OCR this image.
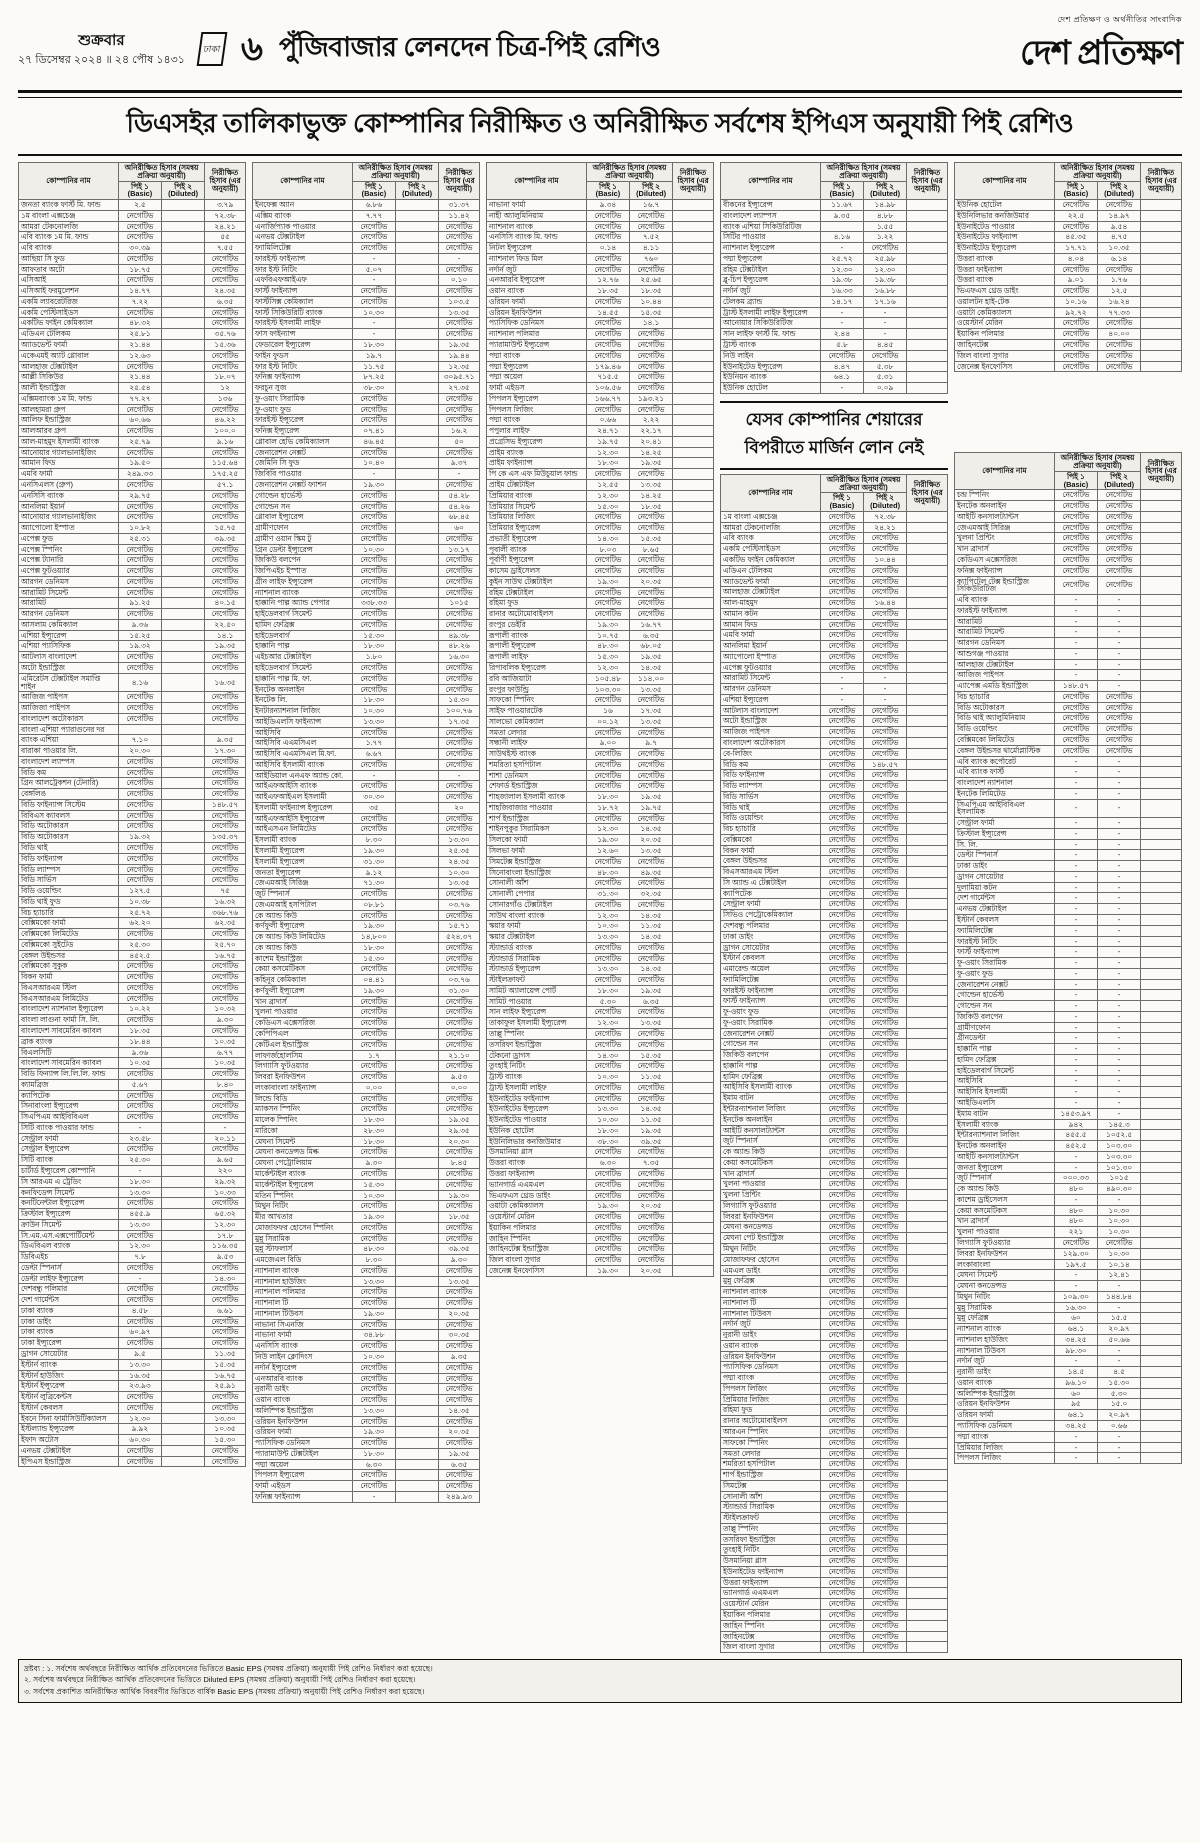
শুক্রবার
২৭ ডিসেম্বর ২০২৪ ॥ ২৪ পৌষ ১৪৩১
ঢাকা ৬ পুঁজিবাজার লেনদেন চিত্র-পিই রেশিও
দেশ প্রতিক্ষণ ও অর্থনীতির সাংবাদিক
দেশ প্রতিক্ষণ
ডিএসইর তালিকাভুক্ত কোম্পানির নিরীক্ষিত ও অনিরীক্ষিত সর্বশেষ ইপিএস অনুযায়ী পিই রেশিও
কোম্পানির নাম	অনিরীক্ষিত হিসাব (সমন্বয় প্রক্রিয়া অনুযায়ী)		নিরীক্ষিত হিসাব (এর অনুযায়ী)
	পিই ১ (Basic)	পিই ২ (Diluted)	
জনতা ব্যাংক ফার্স্ট মি. ফান্ড	২.৫		৩.৭৯
১ম বাংলা এক্সচেঞ্জ	নেগেটিভ		৭২.৩৮
আমরা টেকনোলজি	নেগেটিভ		২৪.২১
এবি ব্যাংক ১ম মি. ফান্ড	নেগেটিভ		৫৫
এবি ব্যাংক	৩০.৩৯		৭.৫৫
আছিয়া সি ফুড	নেগেটিভ		নেগেটিভ
আফতাব অটো	১৮.৭৫		নেগেটিভ
এসিআই	নেগেটিভ		নেগেটিভ
এসিআই ফরমুলেশন	১৪.৭৭		২৪.৩৫
একমি ল্যাবরেটরিজ	৭.২২		৬.৩৫
একমি পেস্টিসাইডস	নেগেটিভ		নেগেটিভ
একটিভ ফাইন কেমিক্যাল	৪৮.৩২		নেগেটিভ
এডিএন টেলিকম	২৫.৮১		৩৫.৭৬
অ্যাডভেন্ট ফার্মা	২১.৪৪		১৫.৩৬
একেএমই অ্যাট গ্লোবাল	১২.৬৩		নেগেটিভ
আলহাজ টেক্সটাইল	নেগেটিভ		নেগেটিভ
আল্লী সিকিউর	২১.৪৪		১৮.০৭
আলী ইন্ডাস্ট্রিজ	২৫.৫৪		১২
এক্সিমব্যাংক ১ম মি. ফান্ড	৭৭.২৭		১৩৬
আলহামরা গ্রুপ	নেগেটিভ		নেগেটিভ
আলিফ ইন্ডাস্ট্রিজ	৬০.৬৬		৪৬.২২
আলআরব গ্রুপ	নেগেটিভ		১০০.০
আল-মাহমুদ ইসলামী ব্যাংক	২৫.৭৯		৯.১৬
আনোয়ার গ্যালভানাইজিং	নেগেটিভ		নেগেটিভ
আমান ফিড	১৯.৫০		১১৫.৬৪
এমবি ফার্মা	২৪৯.৩৩		১৭৫.২৫
এনসিএলস (গ্রুপ)	নেগেটিভ		৫৭.১
এনসিসি ব্যাংক	২৯.৭৫		নেগেটিভ
আনলিমা ইয়ার্ন	নেগেটিভ		নেগেটিভ
আনোয়ার গ্যালভানাইজিং	নেগেটিভ		নেগেটিভ
অ্যাপোলো ইস্পাত	১০.৮২		১৫.৭৫
এপেক্স ফুড	২৫.৩১		৩৯.৩৫
এপেক্স স্পিনিং	নেগেটিভ		নেগেটিভ
এপেক্স ট্যানারি	নেগেটিভ		নেগেটিভ
এপেক্স ফুটওয়্যার	নেগেটিভ		নেগেটিভ
আরগন ডেনিমস	নেগেটিভ		নেগেটিভ
আরামিট সিমেন্ট	নেগেটিভ		নেগেটিভ
আরামিট	৯১.২৫		৪০.১৫
আরগন ডেনিমস	নেগেটিভ		নেগেটিভ
আসলাম কেমিক্যাল	৯.৩৬		২২.৫০
এশিয়া ইন্স্যুরেন্স	১৫.২৫		১৪.১
এশিয়া প্যাসিফিক	১৯.৩২		১৯.৩৫
আটলাস বাংলাদেশ	নেগেটিভ		নেগেটিভ
অটো ইন্ডাস্ট্রিজ	নেগেটিভ		নেগেটিভ
এমিরেটস টেক্সটাইল সমাপ্তি শাইন	৪.১৬		১৬.৩৫
আজিজ পাইপস	নেগেটিভ		নেগেটিভ
আজিজা পাইপস	নেগেটিভ		নেগেটিভ
বাংলাদেশ অটোকারস	নেগেটিভ		নেগেটিভ
বাংলা এশিয়া প্যারাগুনের দর			
ব্যাংক এশিয়া	৭.১০		৯.৩৫
বারাকা পাওয়ার লি.	২০.৩০		১৭.৩০
বাংলাদেশ ল্যাম্পস	নেগেটিভ		নেগেটিভ
বিডি কম	নেগেটিভ		নেগেটিভ
গ্রিন আলট্রেকশন (টেনারি)	নেগেটিভ		নেগেটিভ
বেঙ্গলিঙ	নেগেটিভ		নেগেটিভ
বিডি ফাইন্যান্স সিস্টেম	নেগেটিভ		১৪৮.৫৭
বিবিএস ক্যাবলস	নেগেটিভ		নেগেটিভ
বিডি অটোকারস	নেগেটিভ		নেগেটিভ
বিডি অটোকারস	১৯.৩২		১৩৫.৩৭
বিডি থাই	নেগেটিভ		নেগেটিভ
বিডি ফাইন্যান্স	নেগেটিভ		নেগেটিভ
বিডি ল্যাম্পস	নেগেটিভ		নেগেটিভ
বিডি সার্ভিস	নেগেটিভ		নেগেটিভ
বিডি ওয়েল্ডিং	১২৭.৫		৭৫
বিডি থাই ফুড	১০.৩৮		১৬.৩২
বিচ হ্যাচারি	২৫.৭২		৩৬৮.৭৬
বেক্সিমকো ফার্মা	৬২.২০		৬২.৩৫
বেক্সিমকো লিমিটেড	নেগেটিভ		নেগেটিভ
বেক্সিমকো সুইটেড	২৫.৩০		২৫.৭০
বেঙ্গল উইন্ডসর	৪৫২.৫		১৬.৭৫
বেক্সিমকো সুকুক	নেগেটিভ		নেগেটিভ
বিকন ফার্মা	নেগেটিভ		নেগেটিভ
বিএসআরএম স্টিল	নেগেটিভ		নেগেটিভ
বিএসআরএম লিমিটেড	নেগেটিভ		নেগেটিভ
বাংলাদেশ ন্যাশনাল ইন্স্যুরেন্স	১০.২২		১০.৩২
বাংলা লাগুনা ফার্মা সি. লি.	নেগেটিভ		৯.৩০
বাংলাদেশ সাবমেরিন ক্যাবল	১৮.৩৫		নেগেটিভ
ব্রাক ব্যাংক	১৮.৪৪		১০.৩৫
বিএলসিটি	৯.৩৬		৬.৭৭
বাংলাদেশ সাবমেরিন ক্যাবল	১০.৩৫		১০.৩৫
বিডি ফিন্যান্স লি.লি.লি. ফান্ড	নেগেটিভ		নেগেটিভ
ক্যামব্রিজ	৫.৬৭		৮.৪০
ক্যাপিটেক	নেগেটিভ		নেগেটিভ
সিনাবাংলা ইন্স্যুরেন্স	নেগেটিভ		নেগেটিভ
সিএপিএম আইবিবিএল	নেগেটিভ		নেগেটিভ
সিটি ব্যাংক পাওয়ার ফান্ড	-		-
সেন্ট্রাল ফার্মা	২৩.৫৮		২০.১১
সেন্ট্রাল ইন্স্যুরেন্স	নেগেটিভ		নেগেটিভ
সিটি ব্যাংক	২৫.৩০		৯.৬৫
চার্টার্ড ইন্স্যুরেন্স কোম্পানি	-		২২০
সি আরএম এ ট্রেডিং	১৮.৩০		২৯.৩২
কনফিডেন্স সিমেন্ট	১৩.৩০		১০.৩৩
কনটিনেন্টাল ইন্স্যুরেন্স	নেগেটিভ		নেগেটিভ
ক্রিস্টাল ইন্স্যুরেন্স	৪৫৫.৯		৬৫.৩২
ক্রাউন সিমেন্ট	১৩.৩০		১২.৩০
সি.এম.এস.এক্সপোর্টিমেন্ট	নেগেটিভ		১৭.৮
ডিএবিএল ব্যাংক	১২.৩০		১১৬.৩৫
ডিবিএইচ	৭.৮		৯.৫৩
ডেল্টা স্পিনার্স	নেগেটিভ		নেগেটিভ
ডেল্টা লাইফ ইন্স্যুরেন্স	-		১৪.৩০
দেশবন্ধু পলিমার	নেগেটিভ		নেগেটিভ
দেশ গার্মেন্টস	নেগেটিভ		নেগেটিভ
ঢাকা ব্যাংক	৪.৫৮		৬.৬১
ঢাকা ডাইং	নেগেটিভ		নেগেটিভ
ঢাকা ব্যাংক	৬০.৯৭		নেগেটিভ
ঢাকা ইন্স্যুরেন্স	নেগেটিভ		নেগেটিভ
ড্রাগন সোয়েটার	৯.৫		১১.৩৫
ইস্টার্ন ব্যাংক	১৩.৩০		১৫.৩৫
ইস্টার্ন হাউজিং	১৬.৩৫		১৬.৭৫
ইস্টার্ন ইন্স্যুরেন্স	২৩.৯৩		২৫.৯১
ইস্টার্ন লুব্রিকেন্টস	নেগেটিভ		নেগেটিভ
ইস্টার্ন কেবলস	নেগেটিভ		নেগেটিভ
ইবনে সিনা ফার্মাসিউটিক্যালস	১২.৩০		১৩.৩০
ইস্টল্যান্ড ইন্স্যুরেন্স	৯.৯২		১০.৩৫
ইফাদ অটোস	৬০.৩০		১৫.৩০
এনভয় টেক্সটাইল	নেগেটিভ		নেগেটিভ
ইপিএস ইন্ডাস্ট্রিজ	নেগেটিভ		নেগেটিভ
কোম্পানির নাম	অনিরীক্ষিত হিসাব (সমন্বয় প্রক্রিয়া অনুযায়ী)		নিরীক্ষিত হিসাব (এর অনুযায়ী)
	পিই ১ (Basic)	পিই ২ (Diluted)	
ইনফেক্স অ্যান	৬.৮৬		৩১.৩৭
এক্সিম ব্যাংক	৭.৭৭		১১.৪২
এনার্জিপ্যাক পাওয়ার	নেগেটিভ		নেগেটিভ
এনভয় টেক্সটাইল	নেগেটিভ		নেগেটিভ
ফ্যামিলিটেক্স	নেগেটিভ		নেগেটিভ
ফারইস্ট ফাইন্যান্স	-		-
ফার ইস্ট নিটিং	৫.০৭		নেগেটিভ
এফবিএফআইএফ	-		০.১০
ফার্স্ট ফাইন্যান্স	নেগেটিভ		নেগেটিভ
ফার্স্টসিক্স কেমিক্যাল	নেগেটিভ		১০৩.৫
ফার্স্ট সিকিউরিটি ব্যাংক	১০.৩০		১৩.৩৫
ফারইস্ট ইসলামী লাইফ	-		নেগেটিভ
ফাস ফাইন্যান্স	-		নেগেটিভ
ফেডারেল ইন্স্যুরেন্স	১৮.৩০		১৯.৩৫
ফাইন ফুডস	১৯.৭		১৯.৪৪
ফার ইস্ট নিটিং	১১.৭৫		১২.৩৫
ফনিক্স ফাইন্যান্স	৮৭.২৫		৩০৯৫.৭১
ফরচুন সুজ	৩৮.৩০		২৭.৩৫
ফু-ওয়াং সিরামিক	নেগেটিভ		নেগেটিভ
ফু-ওয়াং ফুড	নেগেটিভ		নেগেটিভ
ফারইস্ট ইন্স্যুরেন্স	নেগেটিভ		নেগেটিভ
ফনিক্স ইন্স্যুরেন্স	০৭.৪১		১৬.২
গ্লোবাল হেভি কেমিক্যালস	৪৬.৪৫		৫০
জেনারেশন নেক্সট	নেগেটিভ		নেগেটিভ
জেমিনি সি ফুড	১০.৪০		৯.৩৭
জিবিবি পাওয়ার	-		-
জেনারেশন নেক্সট ফ্যাশন	১৯.৩০		নেগেটিভ
গোল্ডেন হার্ভেস্ট	নেগেটিভ		৫৪.২৮
গোল্ডেন সন	নেগেটিভ		৫৪.২৬
গ্লোবাল ইন্স্যুরেন্স	নেগেটিভ		৬৮.৪৫
গ্রামীণফোন	নেগেটিভ		৬০
গ্রামীণ ওয়ান স্কিম টু	নেগেটিভ		নেগেটিভ
গ্রিন ডেল্টা ইন্স্যুরেন্স	১০.৩০		১৩.১৭
জিকিউ বলপেন	নেগেটিভ		নেগেটিভ
জিপিএইচ ইস্পাত	নেগেটিভ		নেগেটিভ
গ্রীন লাইফ ইন্স্যুরেন্স	নেগেটিভ		নেগেটিভ
ন্যাশনাল ব্যাংক	নেগেটিভ		নেগেটিভ
হাক্কানি পাল্প অ্যান্ড পেপার	৩৩৮.৩৩		১০১৫
হাইডেলবার্গ সিমেন্ট	নেগেটিভ		নেগেটিভ
হামিদ ফেব্রিক্স	নেগেটিভ		নেগেটিভ
হাইডেলবার্গ	১৫.৩০		৪৯.৩৮
হাক্কানি পাল্প	১৮.৩০		৪৮.২৬
এইচআর টেক্সটাইল	১.৮০		১৬.৩০
হাইডেলবার্গ সিমেন্ট	নেগেটিভ		নেগেটিভ
হাক্কানি পাল্প মি. ফা.	নেগেটিভ		নেগেটিভ
ইনটেক অনলাইন	নেগেটিভ		নেগেটিভ
ইনটেক লি.	১৮.৩০		১৫.৩০
ইনটারন্যাশনাল লিজিং	১০.৩০		১০০.৭৬
আইডিএলসি ফাইন্যান্স	১৩.৩০		১৭.৩৫
আইসিবি	নেগেটিভ		নেগেটিভ
আইসিবি এএমসিএল	১.৭৭		নেগেটিভ
আইসিবি এএমসিএল মি.ফা.	৬.৬৭		নেগেটিভ
আইসিবি ইসলামী ব্যাংক	নেগেটিভ		নেগেটিভ
আইডিয়াল এনএফ অ্যান্ড কো.	-		-
আইএফআইসি ব্যাংক	নেগেটিভ		নেগেটিভ
আইএফআইএল ইসলামী	৩০.৩০		নেগেটিভ
ইসলামী ফাইন্যান্স ইন্স্যুরেন্স	৩৫		২০
আইএফআইসি ইন্স্যুরেন্স	নেগেটিভ		নেগেটিভ
আইএসএন লিমিটেড	নেগেটিভ		নেগেটিভ
ইসলামী ব্যাংক	৮.৩০		১৩.৩০
ইসলামী ইন্স্যুরেন্স	১৯.৩০		২৫.৩৫
ইসলামী ইন্স্যুরেন্স	৩১.৩০		২৪.৩৫
জনতা ইন্স্যুরেন্স	৯.১২		১০.৩০
জেএমআই সিরিঞ্জ	৭১.৩০		১৩.৩৫
জুট স্পিনার্স	নেগেটিভ		নেগেটিভ
জেএমআই হসপিটাল	০৮.৮১		০৩.৭৬
কে অ্যান্ড কিউ	নেগেটিভ		নেগেটিভ
কর্ণফুলী ইন্স্যুরেন্স	১৯.৩০		১৫.৭১
কে অ্যান্ড কিউ লিমিটেড	১৪,৮০০		৫২৪.৩৭
কে অ্যান্ড কিউ	১৮.৩০		নেগেটিভ
কাশেম ইন্ডাস্ট্রিজ	১৫.৩০		নেগেটিভ
কেয়া কসমেটিকস	নেগেটিভ		নেগেটিভ
কহিনূর কেমিক্যাল	০৪.৪১		০৩.৭৬
কর্ণফুলী ইন্স্যুরেন্স	১৯.৩০		৩১.৩০
খান ব্রাদার্স	নেগেটিভ		নেগেটিভ
খুলনা পাওয়ার	নেগেটিভ		নেগেটিভ
কেডিএস এক্সেসরিজ	নেগেটিভ		নেগেটিভ
কেপিপিএল	নেগেটিভ		নেগেটিভ
কেটিএল ইন্ডাস্ট্রিজ	নেগেটিভ		নেগেটিভ
লাফার্জহোলসিম	১.৭		২১.১০
লিগ্যাসি ফুটওয়্যার	নেগেটিভ		নেগেটিভ
লিবরা ইনফিউশন	নেগেটিভ		৯.৫৩
লংকাবাংলা ফাইন্যান্স	০.০০		০.০০
লিন্ডে বিডি	নেগেটিভ		নেগেটিভ
ম্যাকসন স্পিনিং	নেগেটিভ		নেগেটিভ
মালেক স্পিনিং	১৮.৩০		১৯.৩৫
মারিকো	২৮.৩০		২৯.৩৫
মেঘনা সিমেন্ট	১৮.৩০		২০.৩০
মেঘনা কনডেন্সড মিল্ক	নেগেটিভ		নেগেটিভ
মেঘনা পেট্রোলিয়াম	৯.৩০		৮.৪৫
মার্কেন্টাইল ব্যাংক	নেগেটিভ		নেগেটিভ
মার্কেন্টাইল ইন্স্যুরেন্স	১৫.৩০		নেগেটিভ
মতিন স্পিনিং	১০.৩০		১৯.৩০
মিথুন নিটিং	নেগেটিভ		নেগেটিভ
মীর আখতার	১৯.৩০		১৮.৩৫
মোজাফফর হোসেন স্পিনিং	নেগেটিভ		নেগেটিভ
মুন্নু সিরামিক	নেগেটিভ		নেগেটিভ
মুন্নু স্টাফলার্স	৪৮.৩০		৩৯.৩৫
এমজেএল বিডি	৮.৩০		৯.৩০
ন্যাশনাল ব্যাংক	নেগেটিভ		নেগেটিভ
ন্যাশনাল হাউজিং	১৩.৩০		১৩.৩৫
ন্যাশনাল পলিমার	নেগেটিভ		নেগেটিভ
ন্যাশনাল টি	নেগেটিভ		নেগেটিভ
ন্যাশনাল টিউবস	১৯.৩০		২০.৩৫
নাভানা সিএনজি	নেগেটিভ		নেগেটিভ
নাভানা ফার্মা	৩৪.৮৮		৩০.৩৫
এনসিসি ব্যাংক	নেগেটিভ		নেগেটিভ
নিউ লাইন ক্লোদিংস	১০.৩০		৯.৩৫
নর্দার্ন ইন্স্যুরেন্স	নেগেটিভ		নেগেটিভ
এনআরবি ব্যাংক	নেগেটিভ		নেগেটিভ
নুরানী ডাইং	নেগেটিভ		নেগেটিভ
ওয়ান ব্যাংক	নেগেটিভ		নেগেটিভ
অলিম্পিক ইন্ডাস্ট্রিজ	১৩.৩০		১৪.৩৫
ওরিয়ন ইনফিউশন	নেগেটিভ		নেগেটিভ
ওরিয়ন ফার্মা	১৯.৩০		২০.৩৫
প্যাসিফিক ডেনিমস	নেগেটিভ		নেগেটিভ
প্যারামাউন্ট টেক্সটাইল	১৮.৩০		১৯.৩৫
পদ্মা অয়েল	৬.৩০		৬.৩৫
পিপলস ইন্স্যুরেন্স	নেগেটিভ		নেগেটিভ
ফার্মা এইডস	নেগেটিভ		নেগেটিভ
ফনিক্স ফাইন্যান্স	-		২৪৯.৯৩
কোম্পানির নাম	অনিরীক্ষিত হিসাব (সমন্বয় প্রক্রিয়া অনুযায়ী)		নিরীক্ষিত হিসাব (এর অনুযায়ী)
	পিই ১ (Basic)	পিই ২ (Diluted)	
নাভানা ফার্মা	৯.৩৪	১৬.৭	
নাহী অ্যালুমিনিয়াম	নেগেটিভ	নেগেটিভ	
ন্যাশনাল ব্যাংক	নেগেটিভ	নেগেটিভ	
এনসিসি ব্যাংক মি. ফান্ড	নেগেটিভ	৭.৫২	
নিটল ইন্স্যুরেন্স	০.১৪	৪.১১	
ন্যাশনাল ফিড মিল	নেগেটিভ	৭৬০	
নর্দার্ন জুট	নেগেটিভ	নেগেটিভ	
এনআরবি ইন্স্যুরেন্স	১২.৭৬	২৫.৬৫	
ওয়ান ব্যাংক	১৮.৩৫	১৮.৩৫	
ওরিয়ন ফার্মা	নেগেটিভ	১০.৪৪	
ওরিয়ন ইনফিউশন	১৪.৫৫	১৫.৩৫	
প্যাসিফিক ডেনিমস	নেগেটিভ	১৪.১	
ন্যাশনাল পলিমার	নেগেটিভ	নেগেটিভ	
প্যারামাউন্ট ইন্স্যুরেন্স	নেগেটিভ	নেগেটিভ	
পদ্মা ব্যাংক	নেগেটিভ	নেগেটিভ	
পদ্মা ইন্স্যুরেন্স	১৭৯.৪৬	নেগেটিভ	
পদ্মা অয়েল	৭১৫.৫	নেগেটিভ	
ফার্মা এইডস	১০৬.৫৬	নেগেটিভ	
পিপলস ইন্স্যুরেন্স	১৬৬.৭৭	১৯৩.২১	
পিপলস লিজিং	নেগেটিভ	নেগেটিভ	
পদ্মা ব্যাংক	০.৬৬	২.২২	
পপুলার লাইফ	২৪.৭১	২২.১৭	
প্রগ্রেসিভ ইন্স্যুরেন্স	১৯.৭৫	২০.৪১	
প্রাইম ব্যাংক	১২.৩০	১৪.২৫	
প্রাইম ফাইন্যান্স	১৮.৩০	১৯.৩৫	
পি কে এস এফ মিউচুয়াল ফান্ড	নেগেটিভ	নেগেটিভ	
প্রাইম টেক্সটাইল	১২.৫৫	১৩.৩৫	
প্রিমিয়ার ব্যাংক	১২.৩০	১৪.২৫	
প্রিমিয়ার সিমেন্ট	১৫.৩০	১৮.৩৫	
প্রিমিয়ার লিজিং	নেগেটিভ	নেগেটিভ	
প্রিমিয়ার ইন্স্যুরেন্স	নেগেটিভ	নেগেটিভ	
প্রভাতী ইন্স্যুরেন্স	১৪.৩০	১৫.৩৫	
পূবালী ব্যাংক	৮.০৩	৮.৬৫	
পূর্বাণী ইন্স্যুরেন্স	নেগেটিভ	নেগেটিভ	
কাসেম ড্রাইসেলস	নেগেটিভ	নেগেটিভ	
কুইন সাউথ টেক্সটাইল	১৯.৩০	২০.৩৫	
রহিম টেক্সটাইল	নেগেটিভ	নেগেটিভ	
রহিমা ফুড	নেগেটিভ	নেগেটিভ	
রানার অটোমোবাইলস	নেগেটিভ	নেগেটিভ	
রংপুর ডেইরি	১৯.৩০	১৬.৭৭	
রূপালী ব্যাংক	১০.৭৫	৬.৩৫	
রূপালী ইন্স্যুরেন্স	৪৮.৩০	৬৮.০৫	
রূপালী লাইফ	১৫.৩০	১৯.৩৫	
রিপাবলিক ইন্স্যুরেন্স	১২.৩০	১৪.৩৫	
রবি আজিয়াটা	১০৫.৪৮	১১৪.০০	
রংপুর ফাউন্ড্রি	১০৩.৩০	১৩.৩৫	
সাফকো স্পিনিং	নেগেটিভ	নেগেটিভ	
সাইফ পাওয়ারটেক	১৬	১৭.৩৫	
সালভো কেমিক্যাল	০০.১২	১৩.৩৫	
সমতা লেদার	নেগেটিভ	নেগেটিভ	
সন্ধানী লাইফ	৯.০০	৯.৭	
সাউথইস্ট ব্যাংক	নেগেটিভ	নেগেটিভ	
শমরিতা হসপিটাল	নেগেটিভ	নেগেটিভ	
শাশা ডেনিমস	নেগেটিভ	নেগেটিভ	
শেফার্ড ইন্ডাস্ট্রিজ	নেগেটিভ	নেগেটিভ	
শাহজালাল ইসলামী ব্যাংক	১৮.৩০	১৯.৩৫	
শাহজিবাজার পাওয়ার	১৮.৭২	১৯.৭৫	
শার্প ইন্ডাস্ট্রিজ	নেগেটিভ	নেগেটিভ	
শাইনপুকুর সিরামিকস	১২.৩০	১৪.৩৫	
সিলকো ফার্মা	১৯.৩০	২০.৩৫	
সিলভা ফার্মা	১২.৬০	১৩.৩৫	
সিমটেক্স ইন্ডাস্ট্রিজ	নেগেটিভ	নেগেটিভ	
সিনোবাংলা ইন্ডাস্ট্রিজ	৪৮.৩০	৪৯.৩৫	
সোনালী আঁশ	নেগেটিভ	নেগেটিভ	
সোনালী পেপার	৩১.৩০	৩২.৩৫	
সোনারগাঁও টেক্সটাইল	নেগেটিভ	নেগেটিভ	
সাউথ বাংলা ব্যাংক	১২.৩০	১৪.৩৫	
স্কয়ার ফার্মা	১০.৩০	১১.৩৫	
স্কয়ার টেক্সটাইল	১৩.৩০	১৪.৩৫	
স্ট্যান্ডার্ড ব্যাংক	নেগেটিভ	নেগেটিভ	
স্ট্যান্ডার্ড সিরামিক	নেগেটিভ	নেগেটিভ	
স্ট্যান্ডার্ড ইন্স্যুরেন্স	১৩.৩০	১৪.৩৫	
স্টাইলক্রাফট	নেগেটিভ	নেগেটিভ	
সামিট অ্যালায়েন্স পোর্ট	১৮.৩০	১৯.৩৫	
সামিট পাওয়ার	৫.৩০	৬.৩৫	
সান লাইফ ইন্স্যুরেন্স	নেগেটিভ	নেগেটিভ	
তাকাফুল ইসলামী ইন্স্যুরেন্স	১২.৩০	১৩.৩৫	
তাল্লু স্পিনিং	নেগেটিভ	নেগেটিভ	
তসরিফা ইন্ডাস্ট্রিজ	নেগেটিভ	নেগেটিভ	
টেকনো ড্রাগস	১৪.৩০	১৫.৩৫	
তুংহাই নিটিং	নেগেটিভ	নেগেটিভ	
ট্রাস্ট ব্যাংক	১০.৩০	১১.৩৫	
ট্রাস্ট ইসলামী লাইফ	নেগেটিভ	নেগেটিভ	
ইউনাইটেড ফাইন্যান্স	নেগেটিভ	নেগেটিভ	
ইউনাইটেড ইন্স্যুরেন্স	১৩.৩০	১৪.৩৫	
ইউনাইটেড পাওয়ার	১০.৩০	১১.৩৫	
ইউনিক হোটেল	১৮.৩০	১৯.৩৫	
ইউনিলিভার কনজিউমার	৩৮.৩০	৩৯.৩৫	
উসমানিয়া গ্লাস	নেগেটিভ	নেগেটিভ	
উত্তরা ব্যাংক	৬.৩০	৭.৩৫	
উত্তরা ফাইন্যান্স	নেগেটিভ	নেগেটিভ	
ভ্যানগার্ড এএমএল	নেগেটিভ	নেগেটিভ	
ভিএফএস থ্রেড ডাইং	নেগেটিভ	নেগেটিভ	
ওয়াটা কেমিক্যালস	১৯.৩০	২০.৩৫	
ওয়েস্টার্ন মেরিন	নেগেটিভ	নেগেটিভ	
ইয়াকিন পলিমার	নেগেটিভ	নেগেটিভ	
জাহিন স্পিনিং	নেগেটিভ	নেগেটিভ	
জাহিনটেক্স ইন্ডাস্ট্রিজ	নেগেটিভ	নেগেটিভ	
জিল বাংলা সুগার	নেগেটিভ	নেগেটিভ	
জেনেক্স ইনফোসিস	১৯.৩০	২০.৩৫	
কোম্পানির নাম	অনিরীক্ষিত হিসাব (সমন্বয় প্রক্রিয়া অনুযায়ী)		নিরীক্ষিত হিসাব (এর অনুযায়ী)
	পিই ১ (Basic)	পিই ২ (Diluted)	
বীকনের ইন্স্যুরেন্স	১১.৬৭	১৪.৯৮	
বাংলাদেশ ল্যাম্পস	৯.৩৫	৪.৮৮	
ব্যাংক এশিয়া সিকিউরিটিজ		১.৫৫	
সিটির পাওয়ার	৪.১৬	১.২২	
ন্যাশনাল ইন্স্যুরেন্স	-	নেগেটিভ	
পদ্মা ইন্স্যুরেন্স	২৫.৭২	২৫.৯৮	
রহিম টেক্সটাইল	১২.৩০	১২.৩০	
ব্লু-চিপ ইন্স্যুরেন্স	১৯.৩৮	১৯.৩৮	
নর্দার্ন জুট	১৬.৩৩	১৬.৮৮	
টেলকম ব্র্যান্ড	১৪.১৭	১৭.১৬	
ট্রাস্ট ইসলামী লাইফ ইন্স্যুরেন্স	-	-	
আনোয়ার সিকিউরিটিজ	-	-	
সান লাইফ ফার্স্ট মি. ফান্ড	২.৪৪	-	
ট্রাস্ট ব্যাংক	৫.৮	৪.৪৫	
নিউ লাইন	নেগেটিভ	নেগেটিভ	
ইউনাইটেড ইন্স্যুরেন্স	৪.৪৭	৫.৩৮	
ইউনিয়ন ব্যাংক	৬৪.১	৫.৩১	
ইউনিক হোটেল	-	০.০৯	
যেসব কোম্পানির শেয়ারের বিপরীতে মার্জিন লোন নেই
কোম্পানির নাম	অনিরীক্ষিত হিসাব (সমন্বয় প্রক্রিয়া অনুযায়ী)		নিরীক্ষিত হিসাব (এর অনুযায়ী)
	পিই ১ (Basic)	পিই ২ (Diluted)	
১ম বাংলা এক্সচেঞ্জ	নেগেটিভ	৭২.৩৮	
আমরা টেকনোলজি	নেগেটিভ	২৪.২১	
এবি ব্যাংক	নেগেটিভ	নেগেটিভ	
একমি পেস্টিসাইডস	নেগেটিভ	নেগেটিভ	
একটিভ ফাইন কেমিক্যাল	নেগেটিভ	১০.৪৪	
এডিএন টেলিকম	নেগেটিভ	নেগেটিভ	
অ্যাডভেন্ট ফার্মা	নেগেটিভ	নেগেটিভ	
আলহাজ টেক্সটাইল	নেগেটিভ	নেগেটিভ	
আল-মাহমুদ	নেগেটিভ	১৬.৪৪	
আমান কটন	নেগেটিভ	নেগেটিভ	
আমান ফিড	নেগেটিভ	নেগেটিভ	
এমবি ফার্মা	নেগেটিভ	নেগেটিভ	
আনলিমা ইয়ার্ন	নেগেটিভ	নেগেটিভ	
অ্যাপোলো ইস্পাত	নেগেটিভ	নেগেটিভ	
এপেক্স ফুটওয়্যার	নেগেটিভ	নেগেটিভ	
আরামিট সিমেন্ট	-	-	
আরগন ডেনিমস	-	-	
এশিয়া ইন্স্যুরেন্স	-	-	
আটলাস বাংলাদেশ	নেগেটিভ	নেগেটিভ	
অটো ইন্ডাস্ট্রিজ	নেগেটিভ	নেগেটিভ	
আজিজ পাইপস	নেগেটিভ	নেগেটিভ	
বাংলাদেশ অটোকারস	নেগেটিভ	নেগেটিভ	
বে-লিজিং	নেগেটিভ	নেগেটিভ	
বিডি কম	নেগেটিভ	১৪৮.৫৭	
বিডি ফাইন্যান্স	নেগেটিভ	নেগেটিভ	
বিডি ল্যাম্পস	নেগেটিভ	নেগেটিভ	
বিডি সার্ভিস	নেগেটিভ	নেগেটিভ	
বিডি থাই	নেগেটিভ	নেগেটিভ	
বিডি ওয়েল্ডিং	নেগেটিভ	নেগেটিভ	
বিচ হ্যাচারি	নেগেটিভ	নেগেটিভ	
বেক্সিমকো	নেগেটিভ	নেগেটিভ	
বিকন ফার্মা	নেগেটিভ	নেগেটিভ	
বেঙ্গল উইন্ডসর	নেগেটিভ	নেগেটিভ	
বিএসআরএম স্টিল	নেগেটিভ	নেগেটিভ	
সি অ্যান্ড এ টেক্সটাইল	নেগেটিভ	নেগেটিভ	
ক্যাপিটেক	নেগেটিভ	নেগেটিভ	
সেন্ট্রাল ফার্মা	নেগেটিভ	নেগেটিভ	
সিভিও পেট্রোকেমিক্যাল	নেগেটিভ	নেগেটিভ	
দেশবন্ধু পলিমার	নেগেটিভ	নেগেটিভ	
ঢাকা ডাইং	নেগেটিভ	নেগেটিভ	
ড্রাগন সোয়েটার	নেগেটিভ	নেগেটিভ	
ইস্টার্ন কেবলস	নেগেটিভ	নেগেটিভ	
এমারেল্ড অয়েল	নেগেটিভ	নেগেটিভ	
ফ্যামিলিটেক্স	নেগেটিভ	নেগেটিভ	
ফারইস্ট ফাইন্যান্স	নেগেটিভ	নেগেটিভ	
ফার্স্ট ফাইন্যান্স	নেগেটিভ	নেগেটিভ	
ফু-ওয়াং ফুড	নেগেটিভ	নেগেটিভ	
ফু-ওয়াং সিরামিক	নেগেটিভ	নেগেটিভ	
জেনারেশন নেক্সট	নেগেটিভ	নেগেটিভ	
গোল্ডেন সন	নেগেটিভ	নেগেটিভ	
জিকিউ বলপেন	নেগেটিভ	নেগেটিভ	
হাক্কানি পাল্প	নেগেটিভ	নেগেটিভ	
হামিদ ফেব্রিক্স	নেগেটিভ	নেগেটিভ	
আইসিবি ইসলামী ব্যাংক	নেগেটিভ	নেগেটিভ	
ইমাম বাটন	নেগেটিভ	নেগেটিভ	
ইন্টারন্যাশনাল লিজিং	নেগেটিভ	নেগেটিভ	
ইনটেক অনলাইন	নেগেটিভ	নেগেটিভ	
আইটি কনসালট্যান্টস	নেগেটিভ	নেগেটিভ	
জুট স্পিনার্স	নেগেটিভ	নেগেটিভ	
কে অ্যান্ড কিউ	নেগেটিভ	নেগেটিভ	
কেয়া কসমেটিকস	নেগেটিভ	নেগেটিভ	
খান ব্রাদার্স	নেগেটিভ	নেগেটিভ	
খুলনা পাওয়ার	নেগেটিভ	নেগেটিভ	
খুলনা প্রিন্টিং	নেগেটিভ	নেগেটিভ	
লিগ্যাসি ফুটওয়্যার	নেগেটিভ	নেগেটিভ	
লিবরা ইনফিউশন	নেগেটিভ	নেগেটিভ	
মেঘনা কনডেন্সড	নেগেটিভ	নেগেটিভ	
মেঘনা পেট ইন্ডাস্ট্রিজ	নেগেটিভ	নেগেটিভ	
মিথুন নিটিং	নেগেটিভ	নেগেটিভ	
মোজাফফর হোসেন	নেগেটিভ	নেগেটিভ	
এমএল ডাইং	নেগেটিভ	নেগেটিভ	
মুন্নু ফেব্রিক্স	নেগেটিভ	নেগেটিভ	
ন্যাশনাল ব্যাংক	নেগেটিভ	নেগেটিভ	
ন্যাশনাল টি	নেগেটিভ	নেগেটিভ	
ন্যাশনাল টিউবস	নেগেটিভ	নেগেটিভ	
নর্দার্ন জুট	নেগেটিভ	নেগেটিভ	
নুরানী ডাইং	নেগেটিভ	নেগেটিভ	
ওয়ান ব্যাংক	নেগেটিভ	নেগেটিভ	
ওরিয়ন ইনফিউশন	নেগেটিভ	নেগেটিভ	
প্যাসিফিক ডেনিমস	নেগেটিভ	নেগেটিভ	
পদ্মা ব্যাংক	নেগেটিভ	নেগেটিভ	
পিপলস লিজিং	নেগেটিভ	নেগেটিভ	
প্রিমিয়ার লিজিং	নেগেটিভ	নেগেটিভ	
রহিমা ফুড	নেগেটিভ	নেগেটিভ	
রানার অটোমোবাইলস	নেগেটিভ	নেগেটিভ	
আরএন স্পিনিং	নেগেটিভ	নেগেটিভ	
সাফকো স্পিনিং	নেগেটিভ	নেগেটিভ	
সমতা লেদার	নেগেটিভ	নেগেটিভ	
শমরিতা হসপিটাল	নেগেটিভ	নেগেটিভ	
শার্প ইন্ডাস্ট্রিজ	নেগেটিভ	নেগেটিভ	
সিমটেক্স	নেগেটিভ	নেগেটিভ	
সোনালী আঁশ	নেগেটিভ	নেগেটিভ	
স্ট্যান্ডার্ড সিরামিক	নেগেটিভ	নেগেটিভ	
স্টাইলক্রাফট	নেগেটিভ	নেগেটিভ	
তাল্লু স্পিনিং	নেগেটিভ	নেগেটিভ	
তসরিফা ইন্ডাস্ট্রিজ	নেগেটিভ	নেগেটিভ	
তুংহাই নিটিং	নেগেটিভ	নেগেটিভ	
উসমানিয়া গ্লাস	নেগেটিভ	নেগেটিভ	
ইউনাইটেড ফাইন্যান্স	নেগেটিভ	নেগেটিভ	
উত্তরা ফাইন্যান্স	নেগেটিভ	নেগেটিভ	
ভ্যানগার্ড এএমএল	নেগেটিভ	নেগেটিভ	
ওয়েস্টার্ন মেরিন	নেগেটিভ	নেগেটিভ	
ইয়াকিন পলিমার	নেগেটিভ	নেগেটিভ	
জাহিন স্পিনিং	নেগেটিভ	নেগেটিভ	
জাহিনটেক্স	নেগেটিভ	নেগেটিভ	
জিল বাংলা সুগার	নেগেটিভ	নেগেটিভ	
কোম্পানির নাম	অনিরীক্ষিত হিসাব (সমন্বয় প্রক্রিয়া অনুযায়ী)		নিরীক্ষিত হিসাব (এর অনুযায়ী)
	পিই ১ (Basic)	পিই ২ (Diluted)	
ইউনিক হোটেল	নেগেটিভ	নেগেটিভ	
ইউনিলিভার কনজিউমার	২২.৫	১৪.৯৭	
ইউনাইটেড পাওয়ার	নেগেটিভ	৯.৫৪	
ইউনাইটেড ফাইন্যান্স	৪৫.৩৫	৪.৭৫	
ইউনাইটেড ইন্স্যুরেন্স	১৭.৭১	১০.৩৫	
উত্তরা ব্যাংক	৪.০৪	৬.১৪	
উত্তরা ফাইন্যান্স	নেগেটিভ	নেগেটিভ	
উত্তরা ব্যাংক	৯.০১	১.৭৬	
ভিএফএস থ্রেড ডাইং	নেগেটিভ	১২.৫	
ওয়ালটন হাই-টেক	১০.১৬	১৬.২৪	
ওয়াটা কেমিক্যালস	৯২.৭২	৭৭.৩৩	
ওয়েস্টার্ন মেরিন	নেগেটিভ	নেগেটিভ	
ইয়াকিন পলিমার	নেগেটিভ	৪০.০০	
জাহিনটেক্স	নেগেটিভ	নেগেটিভ	
জিল বাংলা সুগার	নেগেটিভ	নেগেটিভ	
জেনেক্স ইনফোসিস	নেগেটিভ	নেগেটিভ	
কোম্পানির নাম	অনিরীক্ষিত হিসাব (সমন্বয় প্রক্রিয়া অনুযায়ী)		নিরীক্ষিত হিসাব (এর অনুযায়ী)
	পিই ১ (Basic)	পিই ২ (Diluted)	
চন্দ্র স্পিনিং	নেগেটিভ	নেগেটিভ	
ইনটেক অনলাইন	নেগেটিভ	নেগেটিভ	
আইটি কনসালট্যান্টস	নেগেটিভ	নেগেটিভ	
জেএমআই সিরিঞ্জ	নেগেটিভ	নেগেটিভ	
খুলনা প্রিন্টিং	নেগেটিভ	নেগেটিভ	
খান ব্রাদার্স	নেগেটিভ	নেগেটিভ	
কেডিএস এক্সেসরিজ	নেগেটিভ	নেগেটিভ	
ফনিক্স ফাইন্যান্স	নেগেটিভ	নেগেটিভ	
ক্যাপিটেল টেক্স ইন্ডাস্ট্রিজ সিকিউরিটিজ	নেগেটিভ	নেগেটিভ	
এবি ব্যাংক	-	-	
ফারইস্ট ফাইন্যান্স	-	-	
আরামিট	-	-	
আরামিট সিমেন্ট	-	-	
আরগন ডেনিমস	-	-	
আশুগঞ্জ পাওয়ার	-	-	
আলহাজ টেক্সটাইল	-	-	
আজিজ পাইপস	-	-	
এ্যাপেক্স এমডি ইন্ডাস্ট্রিজ	১৪৮.৫৭	-	
বিচ হ্যাচারি	নেগেটিভ	নেগেটিভ	
বিডি অটোকারস	নেগেটিভ	নেগেটিভ	
বিডি থাই অ্যালুমিনিয়াম	নেগেটিভ	নেগেটিভ	
বিডি ওয়েল্ডিং	নেগেটিভ	নেগেটিভ	
বেক্সিমকো লিমিটেড	নেগেটিভ	নেগেটিভ	
বেঙ্গল উইন্ডসর থার্মোপ্লাস্টিক	নেগেটিভ	নেগেটিভ	
এবি ব্যাংক কর্পোরেট	-	-	
এবি ব্যাংক ফার্স্ট	-	-	
বাংলাদেশ ন্যাশনাল	-	-	
ইনটেক লিমিটেড	-	-	
সিএপিএম আইবিবিএল ইসলামিক	-	-	
সেন্ট্রাল ফার্মা	-	-	
ক্রিস্টাল ইন্স্যুরেন্স	-	-	
সি. লি.	-	-	
ডেল্টা স্পিনার্স	-	-	
ঢাকা ডাইং	-	-	
ড্রাগন সোয়েটার	-	-	
দুলামিয়া কটন	-	-	
দেশ গার্মেন্টস	-	-	
এনভয় টেক্সটাইল	-	-	
ইস্টার্ন কেবলস	-	-	
ফ্যামিলিটেক্স	-	-	
ফারইস্ট নিটিং	-	-	
ফার্স্ট ফাইন্যান্স	-	-	
ফু-ওয়াং সিরামিক	-	-	
ফু-ওয়াং ফুড	-	-	
জেনারেশন নেক্সট	-	-	
গোল্ডেন হার্ভেস্ট	-	-	
গোল্ডেন সন	-	-	
জিকিউ বলপেন	-	-	
গ্রামীণফোন	-	-	
গ্রীনডেল্টা	-	-	
হাক্কানি পাল্প	-	-	
হামিদ ফেব্রিক্স	-	-	
হাইডেলবার্গ সিমেন্ট	-	-	
আইসিবি	-	-	
আইসিবি ইসলামী	-	-	
আইডিএলসি	-	-	
ইমাম বাটন	১৪৫৩.৯৭	-	
ইসলামী ব্যাংক	৯৪২	১৪৫.৩	
ইন্টারন্যাশনাল লিজিং	৪৫৫.৫	১০৫২.৫	
ইনটেক অনলাইন	৪৫২.৫	১০৩.৩০	
আইটি কনসালট্যান্টস	-	১০৩.৩০	
জনতা ইন্স্যুরেন্স	-	১০১.৩০	
জুট স্পিনার্স	০০০.৩৩	১০১৫	
কে অ্যান্ড কিউ	৪৮০	৪৯০.৩০	
কাশেম ড্রাইসেলস	-	-	
কেয়া কসমেটিকস	৪৮০	১০.৩০	
খান ব্রাদার্স	৪৮০	১০.৩০	
খুলনা পাওয়ার	২২১	১০.৩০	
লিগ্যাসি ফুটওয়্যার	নেগেটিভ	নেগেটিভ	
লিবরা ইনফিউশন	১২৯.৩০	১০.৩০	
লংকাবাংলা	১৯৭.৫	১০.১৪	
মেঘনা সিমেন্ট	-	১২.৪১	
মেঘনা কনডেন্সড	-	-	
মিথুন নিটিং	১০৯.৩০	১৪৪.৮৪	
মুন্নু সিরামিক	১৬.৩০	-	
মুন্নু ফেব্রিক্স	৬০	১৫.৫	
ন্যাশনাল ব্যাংক	৬৪.১	২০.৯৭	
ন্যাশনাল হাউজিং	৩৪.২৫	৫০.৬৬	
ন্যাশনাল টিউবস	৯৮.৩০	-	
নর্দার্ন জুট	-	-	
নুরানী ডাইং	১৪.৫	৪.৫	
ওয়ান ব্যাংক	৯৬.১০	১৫.৩০	
অলিম্পিক ইন্ডাস্ট্রিজ	৬০	৫.৩০	
ওরিয়ন ইনফিউশন	৯৫	১৫.০	
ওরিয়ন ফার্মা	৬৪.১	২০.৯৭	
প্যাসিফিক ডেনিমস	৩৪.২৫	০.৬৬	
পদ্মা ব্যাংক	-	-	
প্রিমিয়ার লিজিং	-	-	
পিপলস লিজিং	-	-	
দ্রষ্টব্য : ১. সর্বশেষ অর্থবছরে নিরীক্ষিত আর্থিক প্রতিবেদনের ভিত্তিতে Basic EPS (সমন্বয় প্রক্রিয়া) অনুযায়ী পিই রেশিও নির্ধারণ করা হয়েছে।
২. সর্বশেষ অর্থবছরে নিরীক্ষিত আর্থিক প্রতিবেদনের ভিত্তিতে Diluted EPS (সমন্বয় প্রক্রিয়া) অনুযায়ী পিই রেশিও নির্ধারণ করা হয়েছে।
৩. সর্বশেষ প্রকাশিত অনিরীক্ষিত আর্থিক বিবরণীর ভিত্তিতে বার্ষিক Basic EPS (সমন্বয় প্রক্রিয়া) অনুযায়ী পিই রেশিও নির্ধারণ করা হয়েছে।
